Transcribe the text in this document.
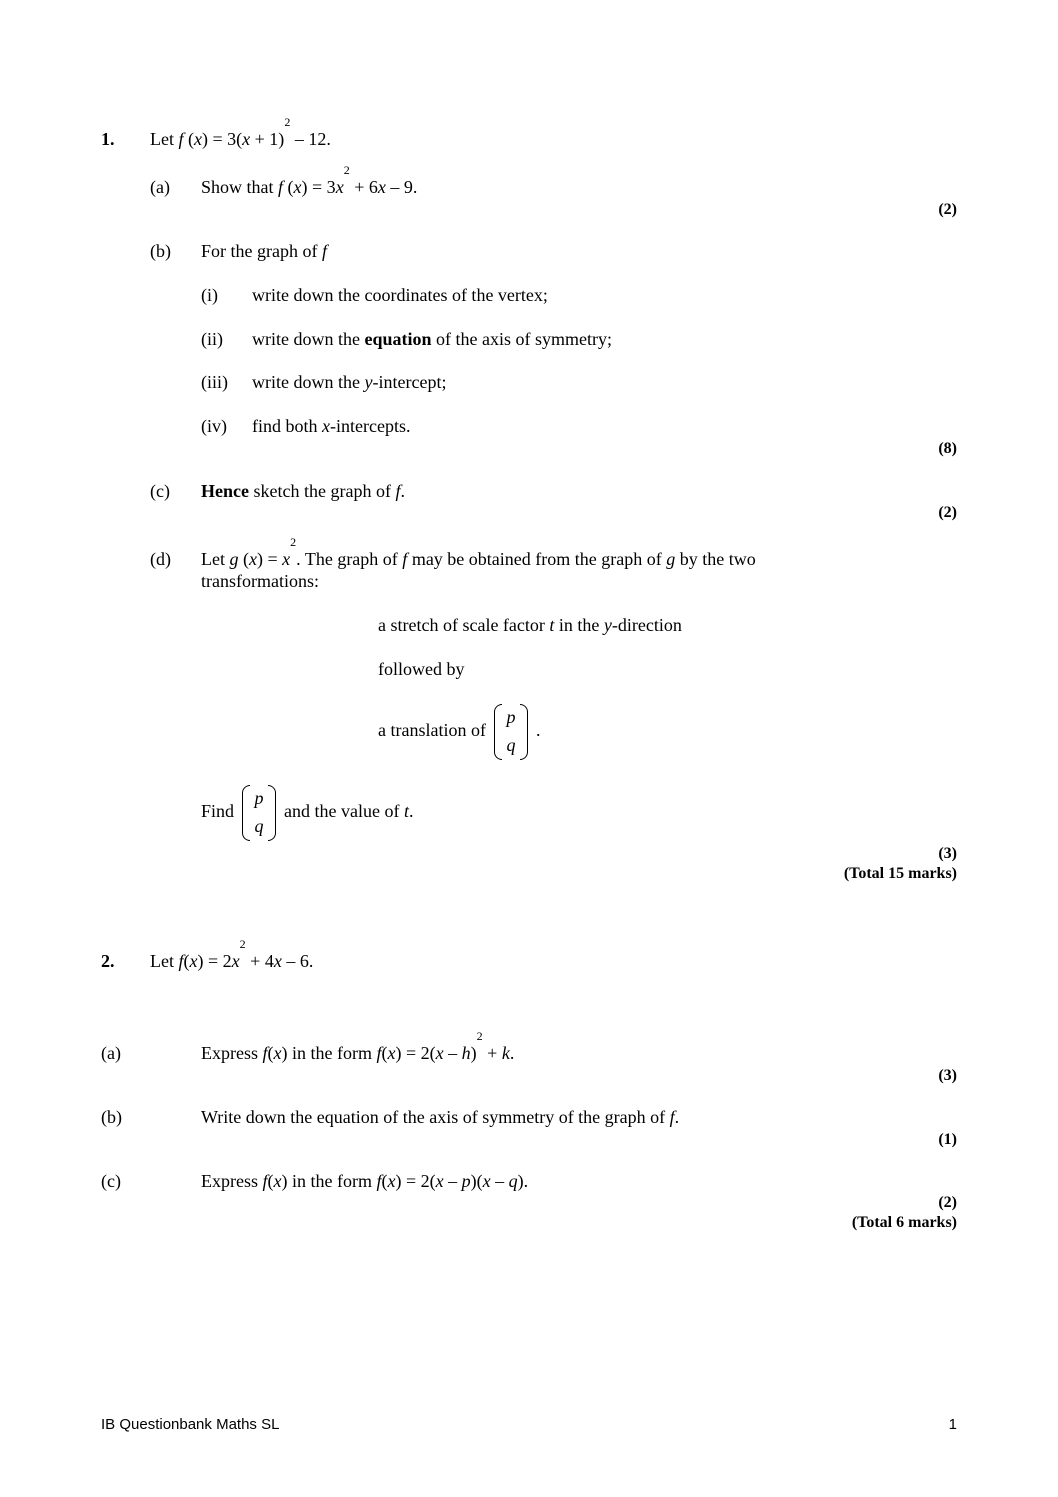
1. Let f $(x) = 3(x + 1)^2 - 12$.
(a) Show that f $(x) = 3x^2 + 6x - 9$.
(2)
(b) For the graph of f
(i) write down the coordinates of the vertex;
(ii) write down the equation of the axis of symmetry;
(iii) write down the y-intercept;
(iv) find both x-intercepts.
(8)
(c) Hence sketch the graph of f.
(2)
(d) Let g $(x) = x^2$. The graph of f may be obtained from the graph of g by the two
transformations:
a stretch of scale factor t in the y-direction
followed by
a translation of
p
q
.
Find
p
q
and the value of t.
(3)
(Total 15 marks)
2. Let $f(x) = 2x^2 + 4x - 6$.
(a)	Express f(x) in the form f(x) = 2(x – h)$^2$ + k.
(3)
(b)	Write down the equation of the axis of symmetry of the graph of f.
(1)
(c)	Express f(x) in the form f(x) = 2(x – p)(x – q).
(2)
(Total 6 marks)
IB Questionbank Maths SL	1
